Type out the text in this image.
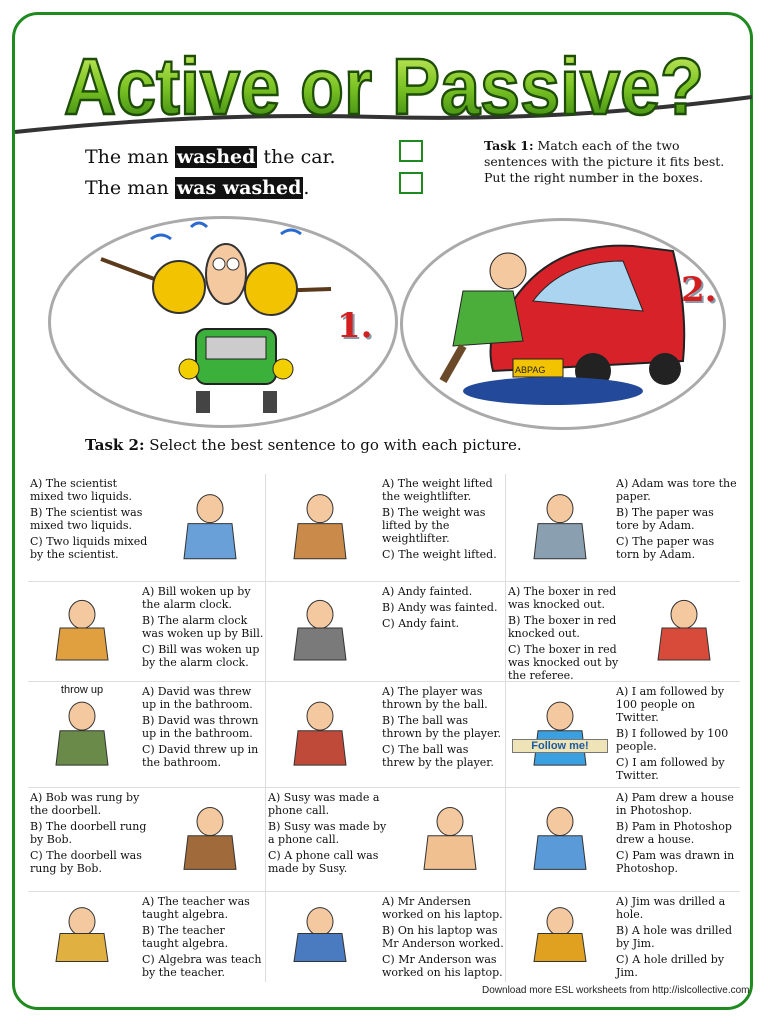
Active or Passive?
The man washed the car.
The man was washed .
Task 1: Match each of the two sentences with the picture it fits best. Put the right number in the boxes.
1.
ABPAG
2.
Task 2: Select the best sentence to go with each picture.
A) The scientist mixed two liquids.
B) The scientist was mixed two liquids.
C) Two liquids mixed by the scientist.
A) The weight lifted the weightlifter.
B) The weight was lifted by the weightlifter.
C) The weight lifted.
A) Adam was tore the paper.
B) The paper was tore by Adam.
C) The paper was torn by Adam.
A) Bill woken up by the alarm clock.
B) The alarm clock was woken up by Bill.
C) Bill was woken up by the alarm clock.
A) Andy fainted.
B) Andy was fainted.
C) Andy faint.
A) The boxer in red was knocked out.
B) The boxer in red knocked out.
C) The boxer in red was knocked out by the referee.
A) David was threw up in the bathroom.
B) David was thrown up in the bathroom.
C) David threw up in the bathroom.
throw up	A) The player was thrown by the ball.
B) The ball was thrown by the player.
C) The ball was threw by the player.
A) I am followed by 100 people on Twitter.
B) I followed by 100 people.
C) I am followed by Twitter.
Follow me!
A) Bob was rung by the doorbell.
B) The doorbell rung by Bob.
C) The doorbell was rung by Bob.
A) Susy was made a phone call.
B) Susy was made by a phone call.
C) A phone call was made by Susy.
A) Pam drew a house in Photoshop.
B) Pam in Photoshop drew a house.
C) Pam was drawn in Photoshop.
A) The teacher was taught algebra.
B) The teacher taught algebra.
C) Algebra was teach by the teacher.
A) Mr Andersen worked on his laptop.
B) On his laptop was Mr Anderson worked.
C) Mr Anderson was worked on his laptop.
A) Jim was drilled a hole.
B) A hole was drilled by Jim.
C) A hole drilled by Jim.
Download more ESL worksheets from http://islcollective.com
